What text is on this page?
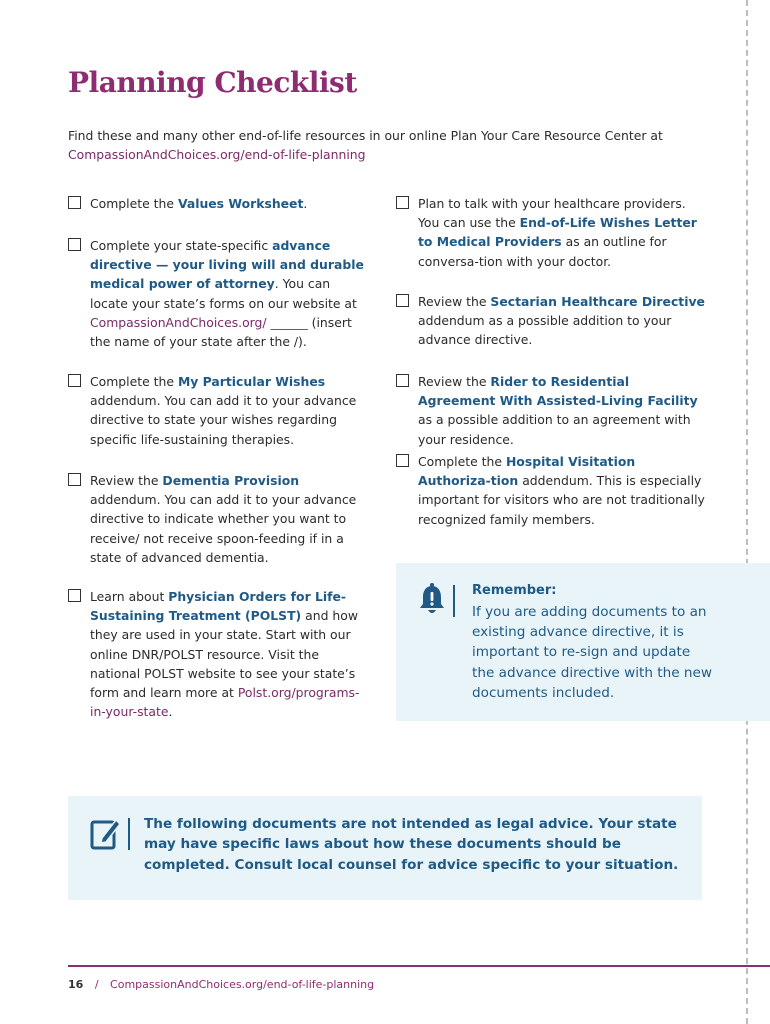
Planning Checklist

Find these and many other end-of-life resources in our online Plan Your Care Resource Center at
CompassionAndChoices.org/end-of-life-planning

Complete the Values Worksheet.
Complete your state-specific advance directive — your living will and durable medical power of attorney. You can locate your state’s forms on our website at CompassionAndChoices.org/ ______ (insert the name of your state after the /).
Complete the My Particular Wishes addendum. You can add it to your advance directive to state your wishes regarding specific life-sustaining therapies.
Review the Dementia Provision addendum. You can add it to your advance directive to indicate whether you want to receive/ not receive spoon-feeding if in a state of advanced dementia.
Learn about Physician Orders for Life-Sustaining Treatment (POLST) and how they are used in your state. Start with our online DNR/POLST resource. Visit the national POLST website to see your state’s form and learn more at Polst.org/programs-in-your-state.
Plan to talk with your healthcare providers. You can use the End-of-Life Wishes Letter to Medical Providers as an outline for conversa-tion with your doctor.
Review the Sectarian Healthcare Directive addendum as a possible addition to your advance directive.
Review the Rider to Residential Agreement With Assisted-Living Facility as a possible addition to an agreement with your residence.
Complete the Hospital Visitation Authoriza-tion addendum. This is especially important for visitors who are not traditionally recognized family members.

Remember:

If you are adding documents to an existing advance directive, it is important to re-sign and update the advance directive with the new documents included.

The following documents are not intended as legal advice. Your state may have specific laws about how these documents should be completed. Consult local counsel for advice specific to your situation.

16 / CompassionAndChoices.org/end-of-life-planning
